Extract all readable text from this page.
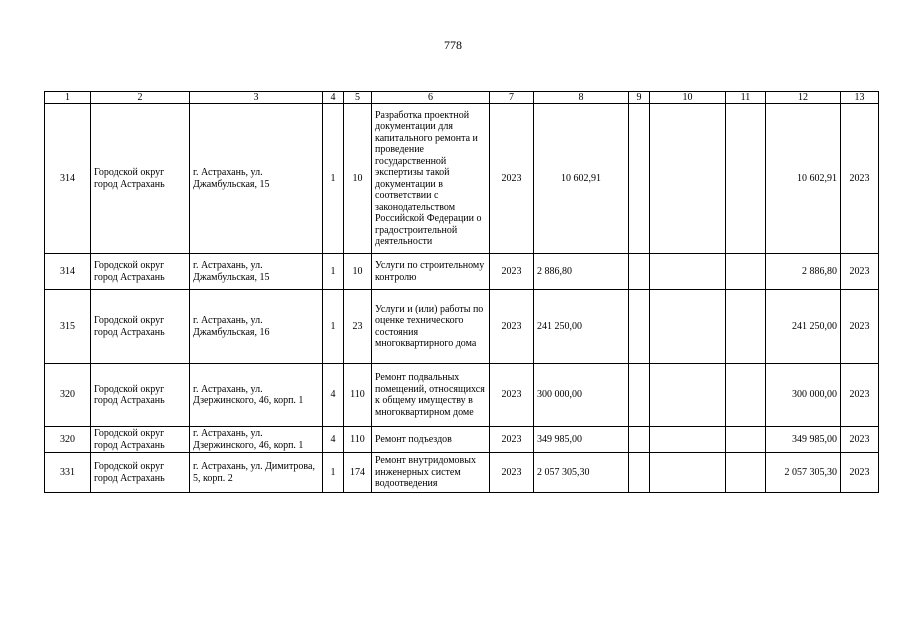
778
1	2	3	4	5	6	7	8	9	10	11	12	13
314	Городской округ город Астрахань	г. Астрахань, ул. Джамбульская, 15	1	10	Разработка проектной документации для капитального ремонта и проведение государственной экспертизы такой документации в соответствии с законодательством Российской Федерации о градостроительной деятельности	2023	10 602,91				10 602,91	2023
314	Городской округ город Астрахань	г. Астрахань, ул. Джамбульская, 15	1	10	Услуги по строительному контролю	2023	2 886,80				2 886,80	2023
315	Городской округ город Астрахань	г. Астрахань, ул. Джамбульская, 16	1	23	Услуги и (или) работы по оценке технического состояния многоквартирного дома	2023	241 250,00				241 250,00	2023
320	Городской округ город Астрахань	г. Астрахань, ул. Дзержинского, 46, корп. 1	4	110	Ремонт подвальных помещений, относящихся к общему имуществу в многоквартирном доме	2023	300 000,00				300 000,00	2023
320	Городской округ город Астрахань	г. Астрахань, ул. Дзержинского, 46, корп. 1	4	110	Ремонт подъездов	2023	349 985,00				349 985,00	2023
331	Городской округ город Астрахань	г. Астрахань, ул. Димитрова, 5, корп. 2	1	174	Ремонт внутридомовых инженерных систем водоотведения	2023	2 057 305,30				2 057 305,30	2023
